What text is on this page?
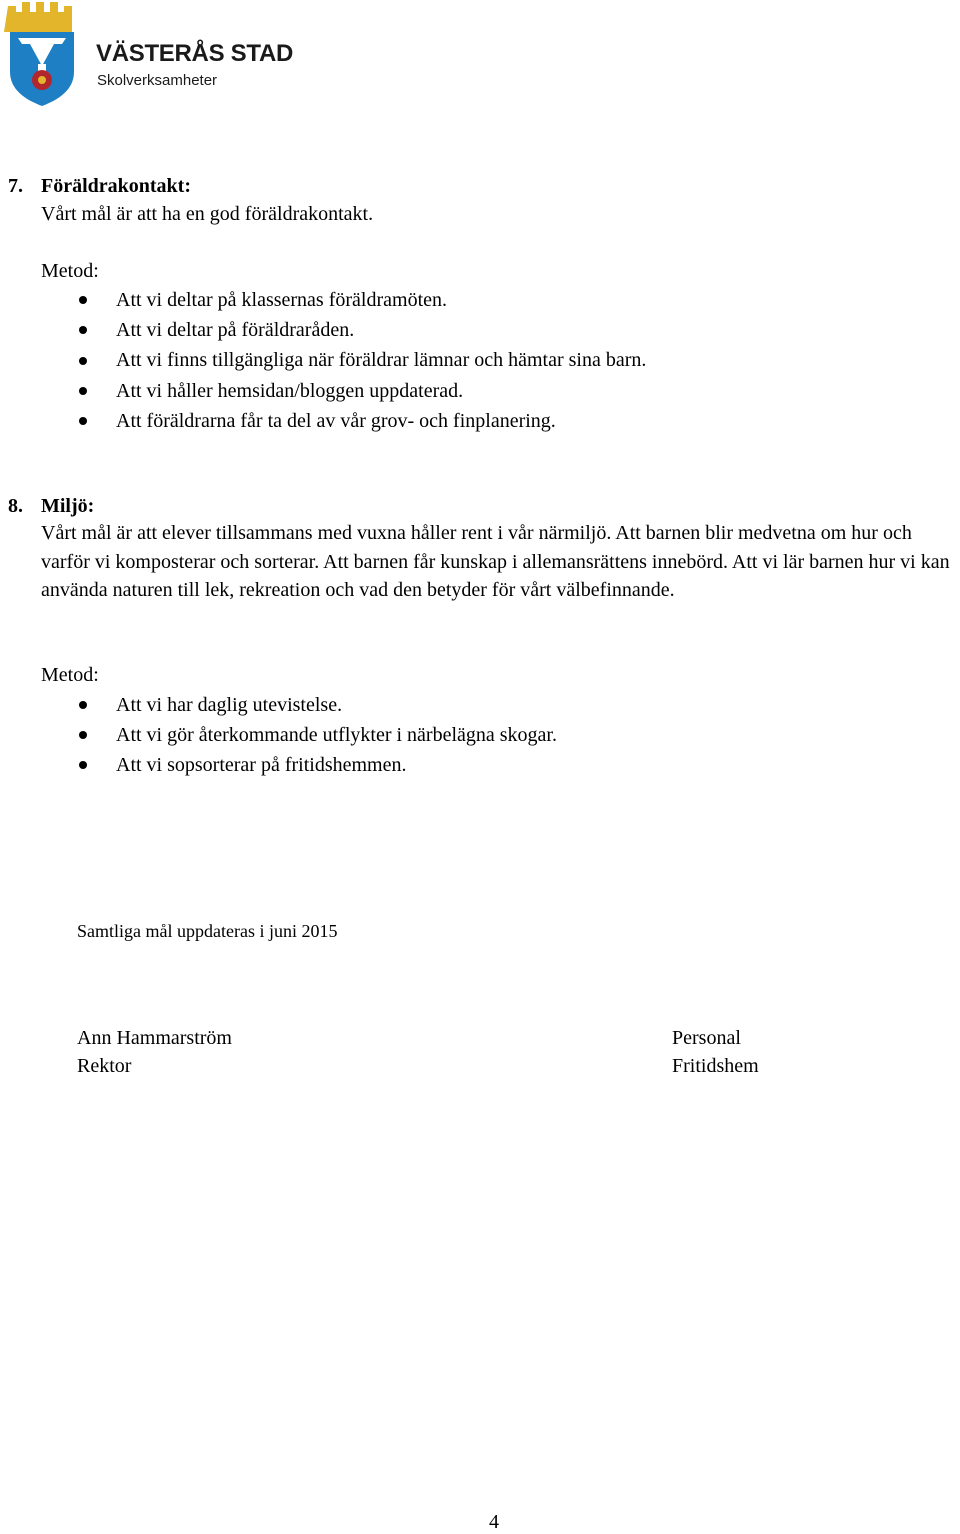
VÄSTERÅS STAD
Skolverksamheter
7. Föräldrakontakt:
Vårt mål är att ha en god föräldrakontakt.
Metod:
Att vi deltar på klassernas föräldramöten.
Att vi deltar på föräldraråden.
Att vi finns tillgängliga när föräldrar lämnar och hämtar sina barn.
Att vi håller hemsidan/bloggen uppdaterad.
Att föräldrarna får ta del av vår grov- och finplanering.
8. Miljö:
Vårt mål är att elever tillsammans med vuxna håller rent i vår närmiljö. Att barnen blir medvetna om hur och varför vi komposterar och sorterar. Att barnen får kunskap i allemansrättens innebörd. Att vi lär barnen hur vi kan använda naturen till lek, rekreation och vad den betyder för vårt välbefinnande.
Metod:
Att vi har daglig utevistelse.
Att vi gör återkommande utflykter i närbelägna skogar.
Att vi sopsorterar på fritidshemmen.
Samtliga mål uppdateras i juni 2015
Ann Hammarström
Rektor
Personal
Fritidshem
4
